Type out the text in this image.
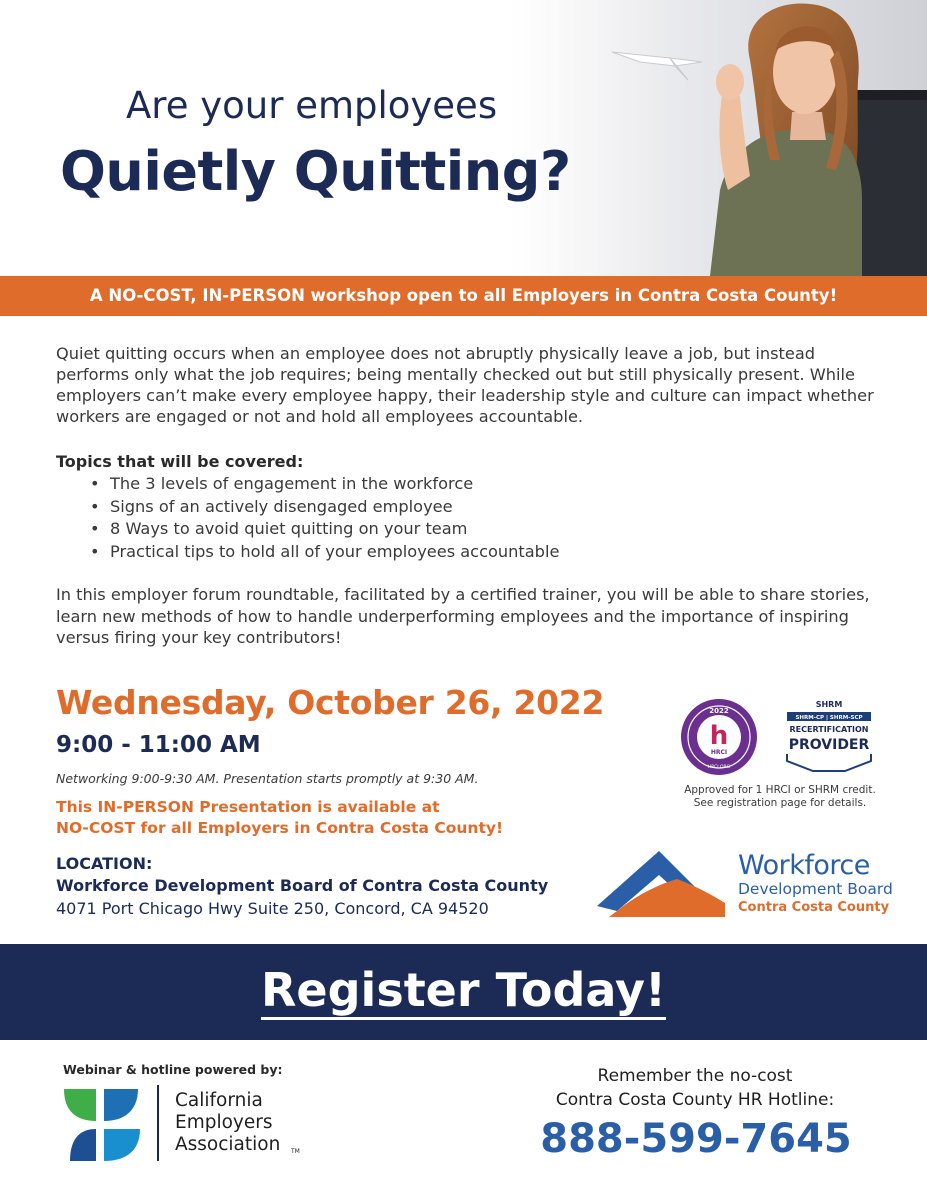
Are your employees
Quietly Quitting?
A NO-COST, IN-PERSON workshop open to all Employers in Contra Costa County!
Quiet quitting occurs when an employee does not abruptly physically leave a job, but instead performs only what the job requires; being mentally checked out but still physically present. While employers can’t make every employee happy, their leadership style and culture can impact whether workers are engaged or not and hold all employees accountable.
Topics that will be covered:
• The 3 levels of engagement in the workforce
• Signs of an actively disengaged employee
• 8 Ways to avoid quiet quitting on your team
• Practical tips to hold all of your employees accountable
In this employer forum roundtable, facilitated by a certified trainer, you will be able to share stories, learn new methods of how to handle underperforming employees and the importance of inspiring versus firing your key contributors!
Wednesday, October 26, 2022
9:00 - 11:00 AM
Networking 9:00-9:30 AM. Presentation starts promptly at 9:30 AM.
This IN-PERSON Presentation is available at
NO-COST for all Employers in Contra Costa County!
LOCATION:
Workforce Development Board of Contra Costa County
4071 Port Chicago Hwy Suite 250, Concord, CA 94520
2022
h
HRCI
HRCI.ORG
SHRM
SHRM-CP | SHRM-SCP
RECERTIFICATION
PROVIDER
Approved for 1 HRCI or SHRM credit.
See registration page for details.
Workforce
Development Board
Contra Costa County
Register Today!
Webinar & hotline powered by:
California
Employers
Association TM
Remember the no-cost
Contra Costa County HR Hotline:
888-599-7645
